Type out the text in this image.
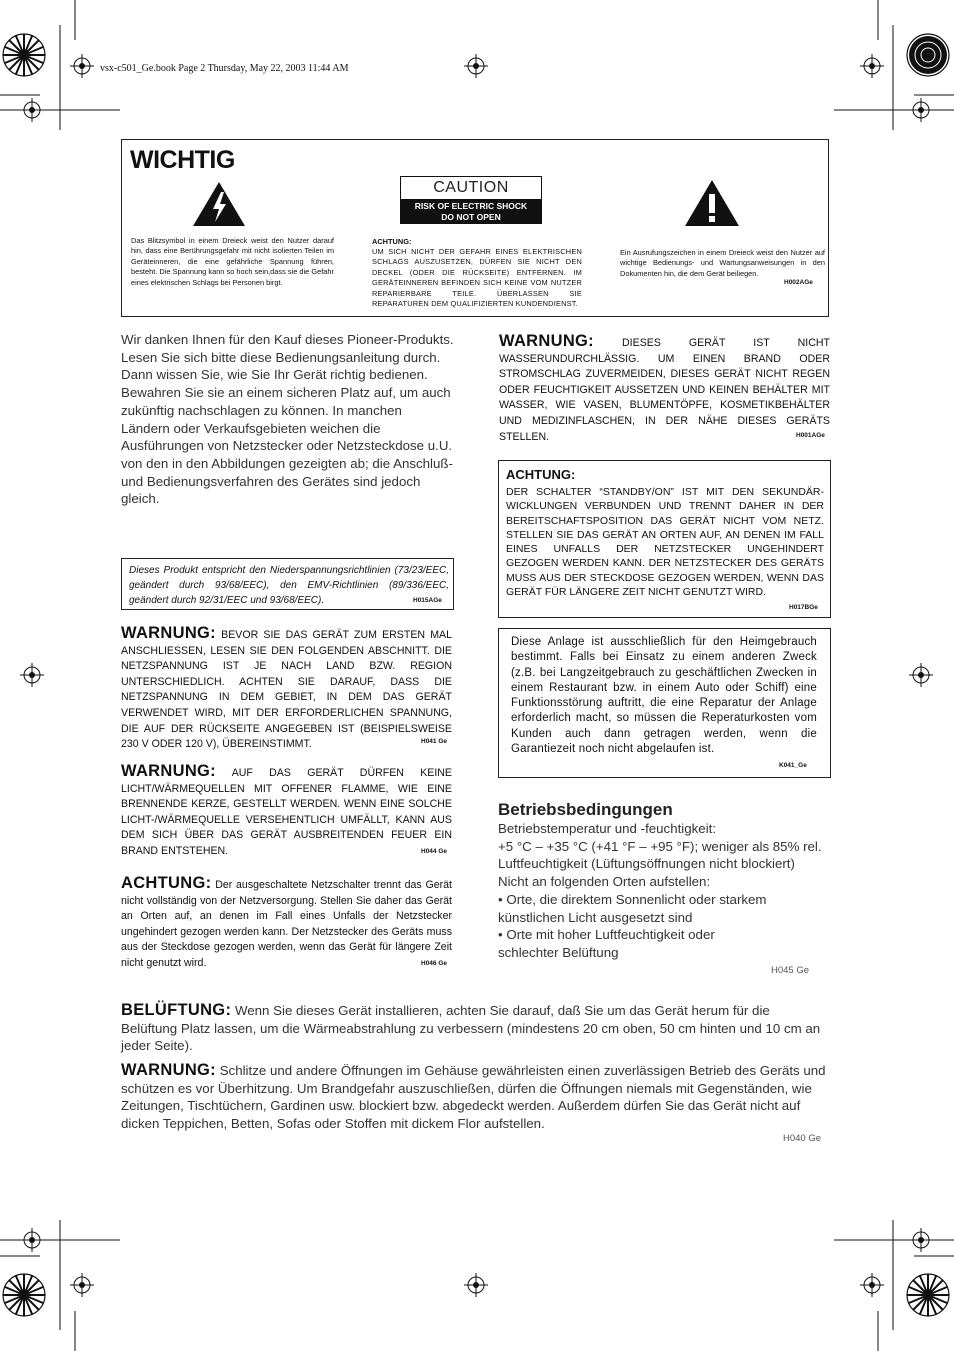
vsx-c501_Ge.book Page 2 Thursday, May 22, 2003 11:44 AM
WICHTIG
CAUTION
RISK OF ELECTRIC SHOCK
DO NOT OPEN
Das Blitzsymbol in einem Dreieck weist den Nutzer darauf hin, dass eine Berührungsgefahr mit nicht isolierten Teilen im Geräteinneren, die eine gefährliche Spannung führen, besteht. Die Spannung kann so hoch sein,dass sie die Gefahr eines elektrischen Schlags bei Personen birgt.
ACHTUNG:
UM SICH NICHT DER GEFAHR EINES ELEKTRISCHEN SCHLAGS AUSZUSETZEN, DÜRFEN SIE NICHT DEN DECKEL (ODER DIE RÜCKSEITE) ENTFERNEN. IM GERÄTEINNEREN BEFINDEN SICH KEINE VOM NUTZER REPARIERBARE TEILE. ÜBERLASSEN SIE REPARATUREN DEM QUALIFIZIERTEN KUNDENDIENST.
Ein Ausrufungszeichen in einem Dreieck weist den Nutzer auf wichtige Bedienungs- und Wartungsanweisungen in den Dokumenten hin, die dem Gerät beiliegen.
H002AGe
Wir danken Ihnen für den Kauf dieses Pioneer-Produkts. Lesen Sie sich bitte diese Bedienungsanleitung durch. Dann wissen Sie, wie Sie Ihr Gerät richtig bedienen. Bewahren Sie sie an einem sicheren Platz auf, um auch zukünftig nachschlagen zu können. In manchen Ländern oder Verkaufsgebieten weichen die Ausführungen von Netzstecker oder Netzsteckdose u.U. von den in den Abbildungen gezeigten ab; die Anschluß- und Bedienungsverfahren des Gerätes sind jedoch gleich.
Dieses Produkt entspricht den Niederspannungsrichtlinien (73/23/EEC, geändert durch 93/68/EEC), den EMV-Richtlinien (89/336/EEC, geändert durch 92/31/EEC und 93/68/EEC).	H015AGe
WARNUNG: BEVOR SIE DAS GERÄT ZUM ERSTEN MAL ANSCHLIESSEN, LESEN SIE DEN FOLGENDEN ABSCHNITT. DIE NETZSPANNUNG IST JE NACH LAND BZW. REGION UNTERSCHIEDLICH. ACHTEN SIE DARAUF, DASS DIE NETZSPANNUNG IN DEM GEBIET, IN DEM DAS GERÄT VERWENDET WIRD, MIT DER ERFORDERLICHEN SPANNUNG, DIE AUF DER RÜCKSEITE ANGEGEBEN IST (BEISPIELSWEISE 230 V ODER 120 V), ÜBEREINSTIMMT.	H041 Ge
WARNUNG: AUF DAS GERÄT DÜRFEN KEINE LICHT/WÄRMEQUELLEN MIT OFFENER FLAMME, WIE EINE BRENNENDE KERZE, GESTELLT WERDEN. WENN EINE SOLCHE LICHT-/WÄRMEQUELLE VERSEHENTLICH UMFÄLLT, KANN AUS DEM SICH ÜBER DAS GERÄT AUSBREITENDEN FEUER EIN BRAND ENTSTEHEN.	H044 Ge
ACHTUNG: Der ausgeschaltete Netzschalter trennt das Gerät nicht vollständig von der Netzversorgung. Stellen Sie daher das Gerät an Orten auf, an denen im Fall eines Unfalls der Netzstecker ungehindert gezogen werden kann. Der Netzstecker des Geräts muss aus der Steckdose gezogen werden, wenn das Gerät für längere Zeit nicht genutzt wird.	H046 Ge
WARNUNG:	DIESES GERÄT IST NICHT WASSERUNDURCHLÄSSIG. UM EINEN BRAND ODER STROMSCHLAG ZUVERMEIDEN, DIESES GERÄT NICHT REGEN ODER FEUCHTIGKEIT AUSSETZEN UND KEINEN BEHÄLTER MIT WASSER, WIE VASEN, BLUMENTÖPFE, KOSMETIKBEHÄLTER UND MEDIZINFLASCHEN, IN DER NÄHE DIESES GERÄTS STELLEN.	H001AGe
ACHTUNG:
DER SCHALTER “STANDBY/ON” IST MIT DEN SEKUNDÄR-WICKLUNGEN VERBUNDEN UND TRENNT DAHER IN DER BEREITSCHAFTSPOSITION DAS GERÄT NICHT VOM NETZ. STELLEN SIE DAS GERÄT AN ORTEN AUF, AN DENEN IM FALL EINES UNFALLS DER NETZSTECKER UNGEHINDERT GEZOGEN WERDEN KANN. DER NETZSTECKER DES GERÄTS MUSS AUS DER STECKDOSE GEZOGEN WERDEN, WENN DAS GERÄT FÜR LÄNGERE ZEIT NICHT GENUTZT WIRD.
H017BGe
Diese Anlage ist ausschließlich für den Heimgebrauch bestimmt. Falls bei Einsatz zu einem anderen Zweck (z.B. bei Langzeitgebrauch zu geschäftlichen Zwecken in einem Restaurant bzw. in einem Auto oder Schiff) eine Funktionsstörung auftritt, die eine Reparatur der Anlage erforderlich macht, so müssen die Reperaturkosten vom Kunden auch dann getragen werden, wenn die Garantiezeit noch nicht abgelaufen ist.
K041_Ge
Betriebsbedingungen
Betriebstemperatur und -feuchtigkeit:
+5 °C – +35 °C (+41 °F – +95 °F); weniger als 85% rel. Luftfeuchtigkeit (Lüftungsöffnungen nicht blockiert)
Nicht an folgenden Orten aufstellen:
• Orte, die direktem Sonnenlicht oder starkem künstlichen Licht ausgesetzt sind
• Orte mit hoher Luftfeuchtigkeit oder schlechter Belüftung
H045 Ge
BELÜFTUNG: Wenn Sie dieses Gerät installieren, achten Sie darauf, daß Sie um das Gerät herum für die Belüftung Platz lassen, um die Wärmeabstrahlung zu verbessern (mindestens 20 cm oben, 50 cm hinten und 10 cm an jeder Seite).
WARNUNG: Schlitze und andere Öffnungen im Gehäuse gewährleisten einen zuverlässigen Betrieb des Geräts und schützen es vor Überhitzung. Um Brandgefahr auszuschließen, dürfen die Öffnungen niemals mit Gegenständen, wie Zeitungen, Tischtüchern, Gardinen usw. blockiert bzw. abgedeckt werden. Außerdem dürfen Sie das Gerät nicht auf dicken Teppichen, Betten, Sofas oder Stoffen mit dickem Flor aufstellen.
H040 Ge
